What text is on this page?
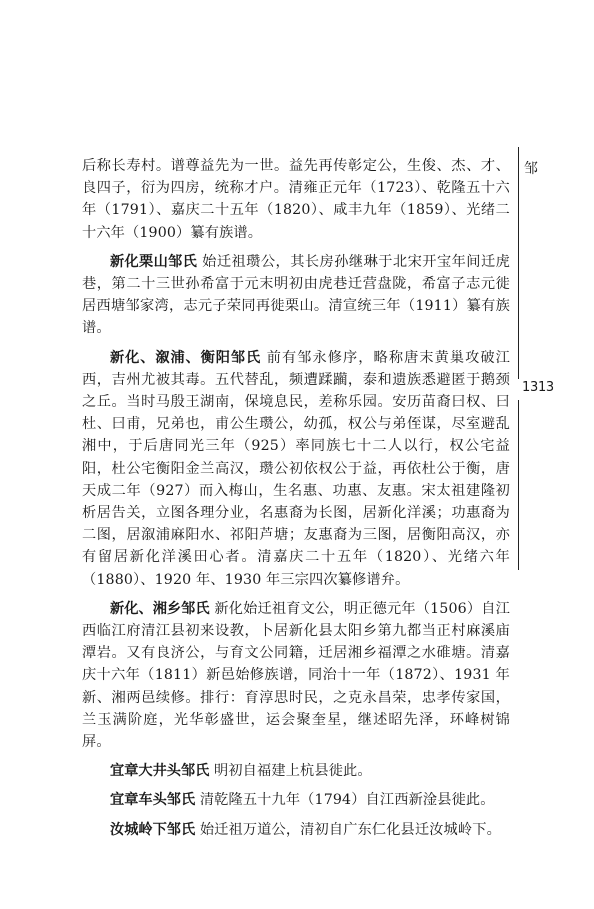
邹
1313

后称长寿村。谱尊益先为一世。益先再传彰定公，生俊、杰、才、良四子，衍为四房，统称才户。清雍正元年（1723）、乾隆五十六年（1791）、嘉庆二十五年（1820）、咸丰九年（1859）、光绪二十六年（1900）纂有族谱。

新化栗山邹氏 始迁祖瓒公，其长房孙继琳于北宋开宝年间迁虎巷，第二十三世孙希富于元末明初由虎巷迁营盘陇，希富子志元徙居西塘邹家湾，志元子荣同再徙栗山。清宣统三年（1911）纂有族谱。

新化、溆浦、衡阳邹氏 前有邹永修序，略称唐末黄巢攻破江西，吉州尤被其毒。五代替乱，频遭蹂躏，泰和遗族悉避匿于鹅颈之丘。当时马殷王湖南，保境息民，差称乐园。安历苗裔曰权、曰杜、曰甫，兄弟也，甫公生瓒公，幼孤，权公与弟侄谋，尽室避乱湘中，于后唐同光三年（925）率同族七十二人以行，权公宅益阳，杜公宅衡阳金兰高汉，瓒公初依权公于益，再依杜公于衡，唐天成二年（927）而入梅山，生名惠、功惠、友惠。宋太祖建隆初析居告关，立图各理分业，名惠裔为长图，居新化洋溪；功惠裔为二图，居溆浦麻阳水、祁阳芦塘；友惠裔为三图，居衡阳高汉，亦有留居新化洋溪田心者。清嘉庆二十五年（1820）、光绪六年（1880）、1920 年、1930 年三宗四次纂修谱弁。

新化、湘乡邹氏 新化始迁祖育文公，明正德元年（1506）自江西临江府清江县初来设教，卜居新化县太阳乡第九都当正村麻溪庙潭岩。又有良济公，与育文公同籍，迁居湘乡福潭之水碓塘。清嘉庆十六年（1811）新邑始修族谱，同治十一年（1872）、1931 年新、湘两邑续修。排行：育淳思时民，之克永昌荣，忠孝传家国，兰玉满阶庭，光华彰盛世，运会聚奎星，继述昭先泽，环峰树锦屏。

宜章大井头邹氏 明初自福建上杭县徙此。

宜章车头邹氏 清乾隆五十九年（1794）自江西新淦县徙此。

汝城岭下邹氏 始迁祖万道公，清初自广东仁化县迁汝城岭下。
